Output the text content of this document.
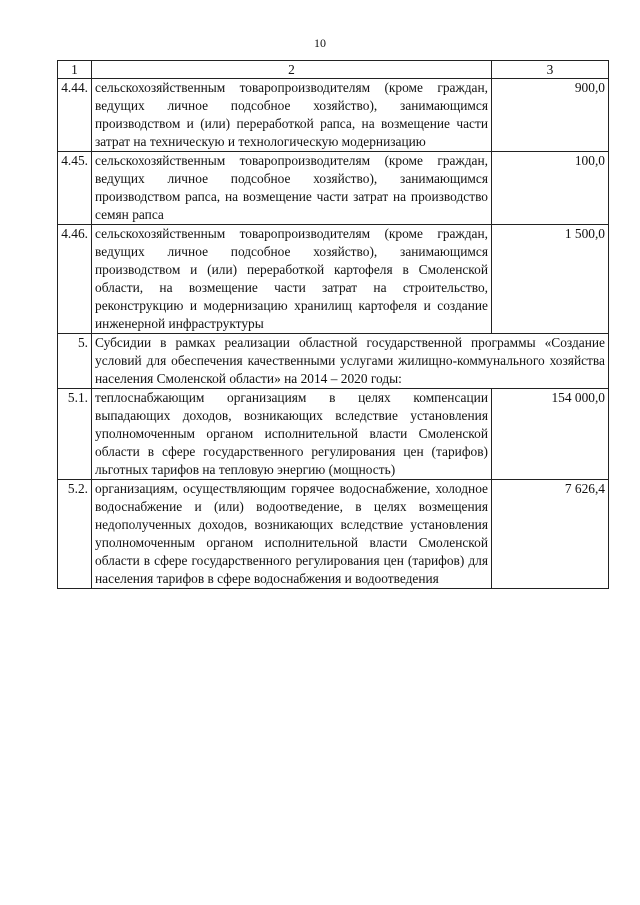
10
1	2	3
4.44.	сельскохозяйственным товаропроизводителям (кроме граждан, ведущих личное подсобное хозяйство), занимающимся производством и (или) переработкой рапса, на возмещение части затрат на техническую и технологическую модернизацию	900,0
4.45.	сельскохозяйственным товаропроизводителям (кроме граждан, ведущих личное подсобное хозяйство), занимающимся производством рапса, на возмещение части затрат на производство семян рапса	100,0
4.46.	сельскохозяйственным товаропроизводителям (кроме граждан, ведущих личное подсобное хозяйство), занимающимся производством и (или) переработкой картофеля в Смоленской области, на возмещение части затрат на строительство, реконструкцию и модернизацию хранилищ картофеля и создание инженерной инфраструктуры	1 500,0
5.	Субсидии в рамках реализации областной государственной программы «Создание условий для обеспечения качественными услугами жилищно-коммунального хозяйства населения Смоленской области» на 2014 – 2020 годы:	
5.1.	теплоснабжающим организациям в целях компенсации выпадающих доходов, возникающих вследствие установления уполномоченным органом исполнительной власти Смоленской области в сфере государственного регулирования цен (тарифов) льготных тарифов на тепловую энергию (мощность)	154 000,0
5.2.	организациям, осуществляющим горячее водоснабжение, холодное водоснабжение и (или) водоотведение, в целях возмещения недополученных доходов, возникающих вследствие установления уполномоченным органом исполнительной власти Смоленской области в сфере государственного регулирования цен (тарифов) для населения тарифов в сфере водоснабжения и водоотведения	7 626,4
